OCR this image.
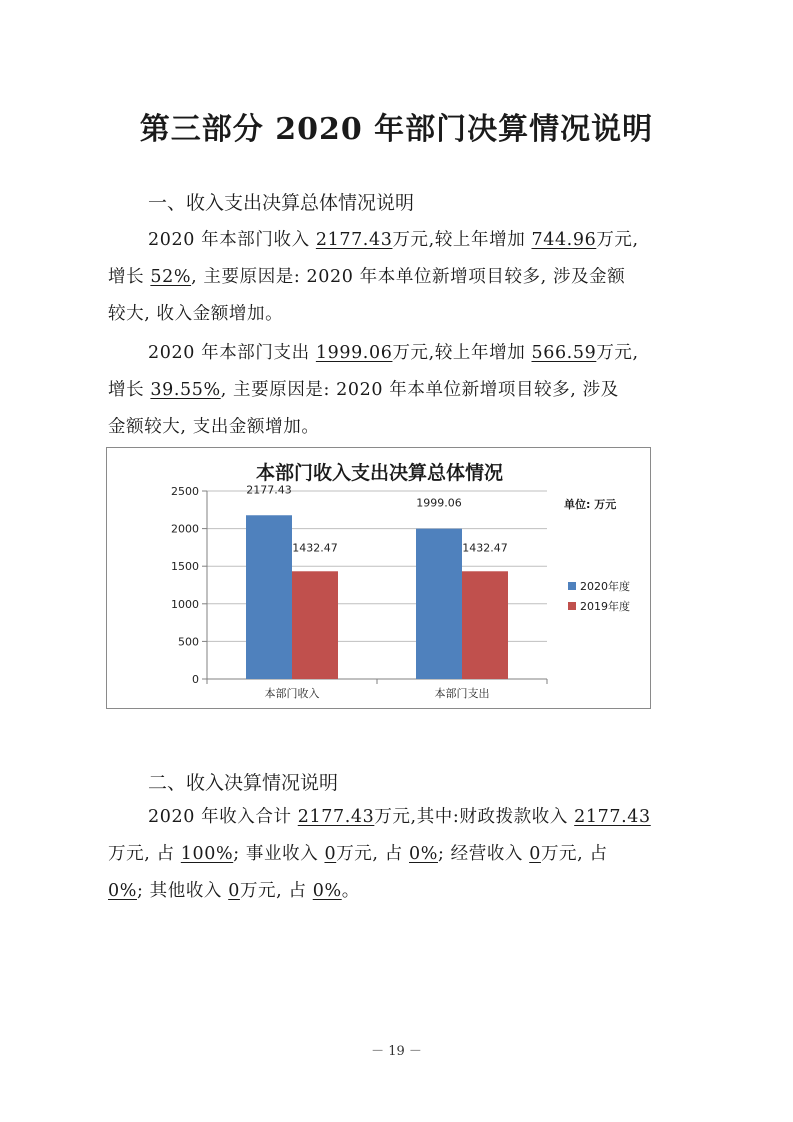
第三部分 2020 年部门决算情况说明
一、收入支出决算总体情况说明
2020 年本部门收入 2177.43万元,较上年增加 744.96万元,
增长 52%, 主要原因是: 2020 年本单位新增项目较多, 涉及金额
较大, 收入金额增加。
2020 年本部门支出 1999.06万元,较上年增加 566.59万元,
增长 39.55%, 主要原因是: 2020 年本单位新增项目较多, 涉及
金额较大, 支出金额增加。
本部门收入支出决算总体情况
单位: 万元
0
500
1000
1500
2000
2500	2177.43
1432.47
本部门收入
1999.06
1432.47
本部门支出
2020年度
2019年度
二、收入决算情况说明
2020 年收入合计 2177.43万元,其中:财政拨款收入 2177.43
万元, 占 100%; 事业收入 0万元, 占 0%; 经营收入 0万元, 占
0%; 其他收入 0万元, 占 0%。
－ 19 －
